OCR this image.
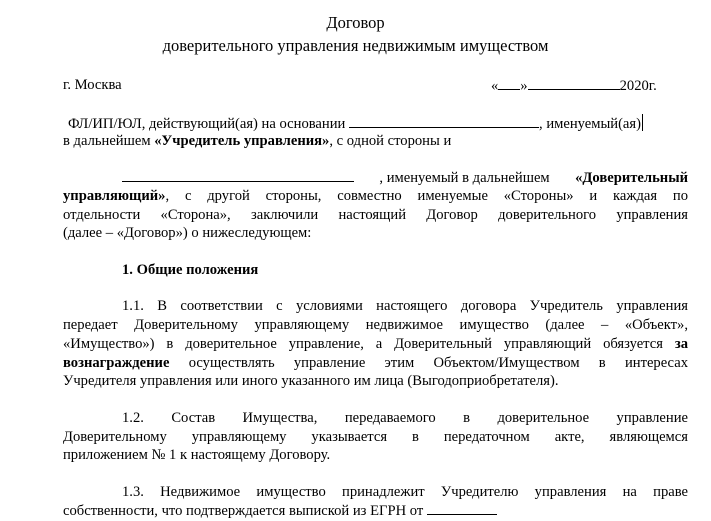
Договор
доверительного управления недвижимым имуществом
г. Москва	« »	2020г.
ФЛ/ИП/ЮЛ, действующий(ая) на основании	, именуемый(ая)
в дальнейшем «Учредитель управления», с одной стороны и
, именуемый в дальнейшем «Доверительный
управляющий», с другой стороны, совместно именуемые «Стороны» и каждая по
отдельности «Сторона», заключили настоящий Договор доверительного управления
(далее – «Договор») о нижеследующем:
1. Общие положения
1.1. В соответствии с условиями настоящего договора Учредитель управления
передает Доверительному управляющему недвижимое имущество (далее – «Объект»,
«Имущество») в доверительное управление, а Доверительный управляющий обязуется за
вознаграждение осуществлять управление этим Объектом/Имуществом в интересах
Учредителя управления или иного указанного им лица (Выгодоприобретателя).
1.2. Состав Имущества, передаваемого в доверительное управление
Доверительному управляющему указывается в передаточном акте, являющемся
приложением № 1 к настоящему Договору.
1.3. Недвижимое имущество принадлежит Учредителю управления на праве
собственности, что подтверждается выпиской из ЕГРН от
